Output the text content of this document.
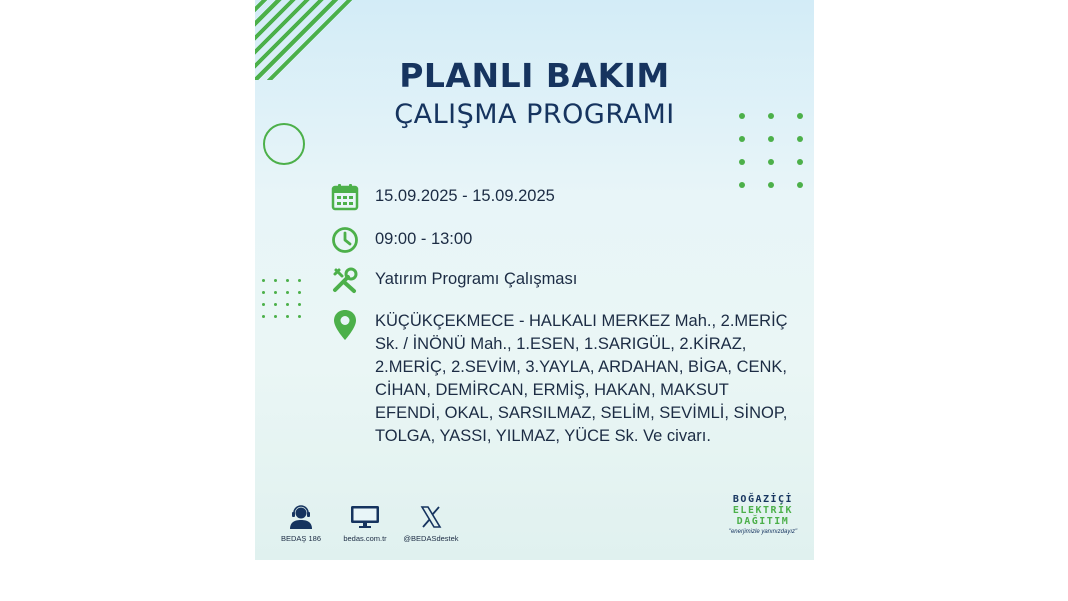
PLANLI BAKIM
ÇALIŞMA PROGRAMI
15.09.2025 - 15.09.2025
09:00 - 13:00
Yatırım Programı Çalışması
KÜÇÜKÇEKMECE - HALKALI MERKEZ Mah., 2.MERİÇ Sk. / İNÖNÜ Mah., 1.ESEN, 1.SARIGÜL, 2.KİRAZ, 2.MERİÇ, 2.SEVİM, 3.YAYLA, ARDAHAN, BİGA, CENK, CİHAN, DEMİRCAN, ERMİŞ, HAKAN, MAKSUT EFENDİ, OKAL, SARSILMAZ, SELİM, SEVİMLİ, SİNOP, TOLGA, YASSI, YILMAZ, YÜCE Sk. Ve civarı.
BEDAŞ 186	bedas.com.tr	@BEDASdestek
BOĞAZİÇİ
ELEKTRİK
DAĞITIM
"enerjimizle yanınızdayız"
